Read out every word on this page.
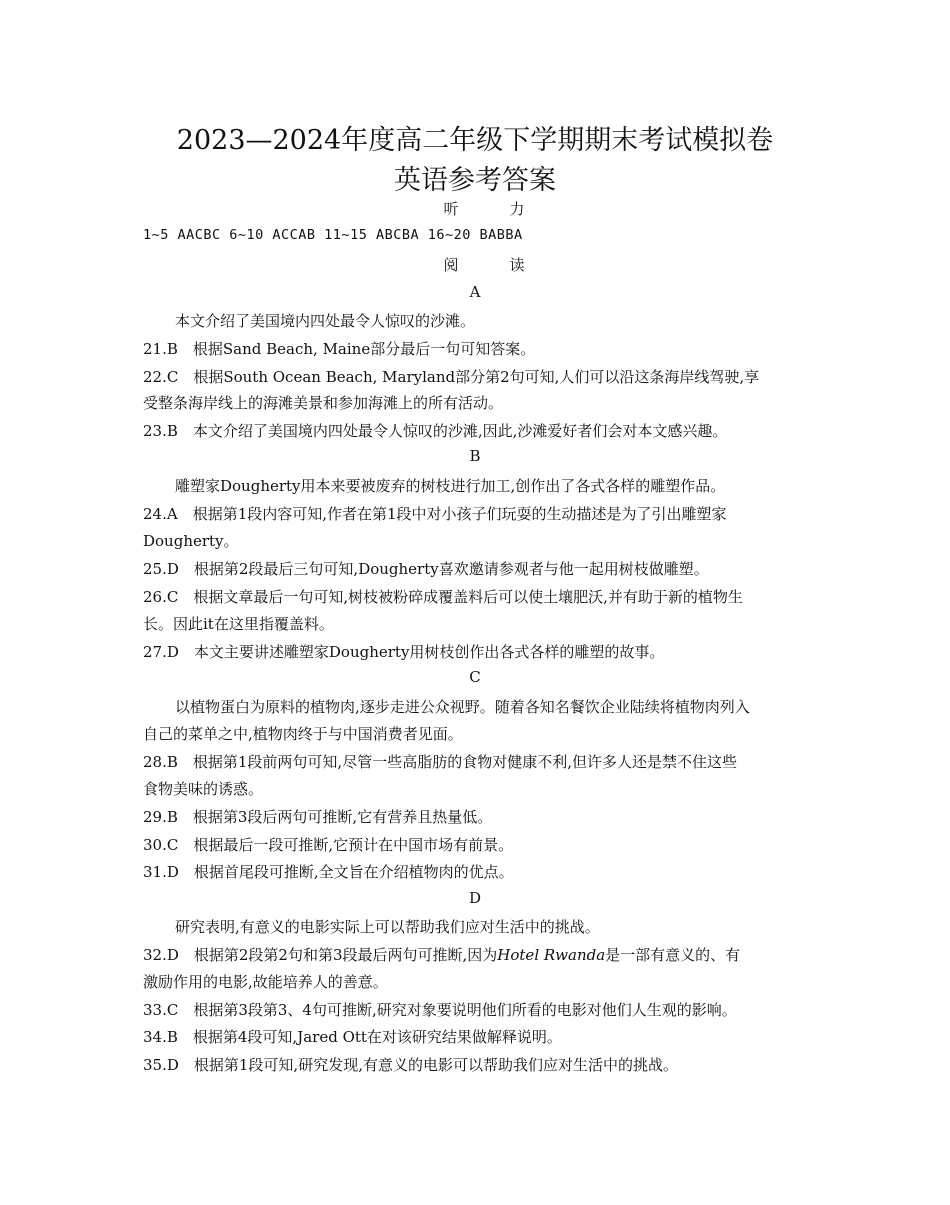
2023—2024年度高二年级下学期期末考试模拟卷
英语参考答案
听　力
1~5 AACBC 6~10 ACCAB 11~15 ABCBA 16~20 BABBA
阅　读
A
本文介绍了美国境内四处最令人惊叹的沙滩。
21.B　根据Sand Beach, Maine部分最后一句可知答案。
22.C　根据South Ocean Beach, Maryland部分第2句可知,人们可以沿这条海岸线驾驶,享
受整条海岸线上的海滩美景和参加海滩上的所有活动。
23.B　本文介绍了美国境内四处最令人惊叹的沙滩,因此,沙滩爱好者们会对本文感兴趣。
B
雕塑家Dougherty用本来要被废弃的树枝进行加工,创作出了各式各样的雕塑作品。
24.A　根据第1段内容可知,作者在第1段中对小孩子们玩耍的生动描述是为了引出雕塑家
Dougherty。
25.D　根据第2段最后三句可知,Dougherty喜欢邀请参观者与他一起用树枝做雕塑。
26.C　根据文章最后一句可知,树枝被粉碎成覆盖料后可以使土壤肥沃,并有助于新的植物生
长。因此it在这里指覆盖料。
27.D　本文主要讲述雕塑家Dougherty用树枝创作出各式各样的雕塑的故事。
C
以植物蛋白为原料的植物肉,逐步走进公众视野。随着各知名餐饮企业陆续将植物肉列入
自己的菜单之中,植物肉终于与中国消费者见面。
28.B　根据第1段前两句可知,尽管一些高脂肪的食物对健康不利,但许多人还是禁不住这些
食物美味的诱惑。
29.B　根据第3段后两句可推断,它有营养且热量低。
30.C　根据最后一段可推断,它预计在中国市场有前景。
31.D　根据首尾段可推断,全文旨在介绍植物肉的优点。
D
研究表明,有意义的电影实际上可以帮助我们应对生活中的挑战。
32.D　根据第2段第2句和第3段最后两句可推断,因为Hotel Rwanda是一部有意义的、有
激励作用的电影,故能培养人的善意。
33.C　根据第3段第3、4句可推断,研究对象要说明他们所看的电影对他们人生观的影响。
34.B　根据第4段可知,Jared Ott在对该研究结果做解释说明。
35.D　根据第1段可知,研究发现,有意义的电影可以帮助我们应对生活中的挑战。
